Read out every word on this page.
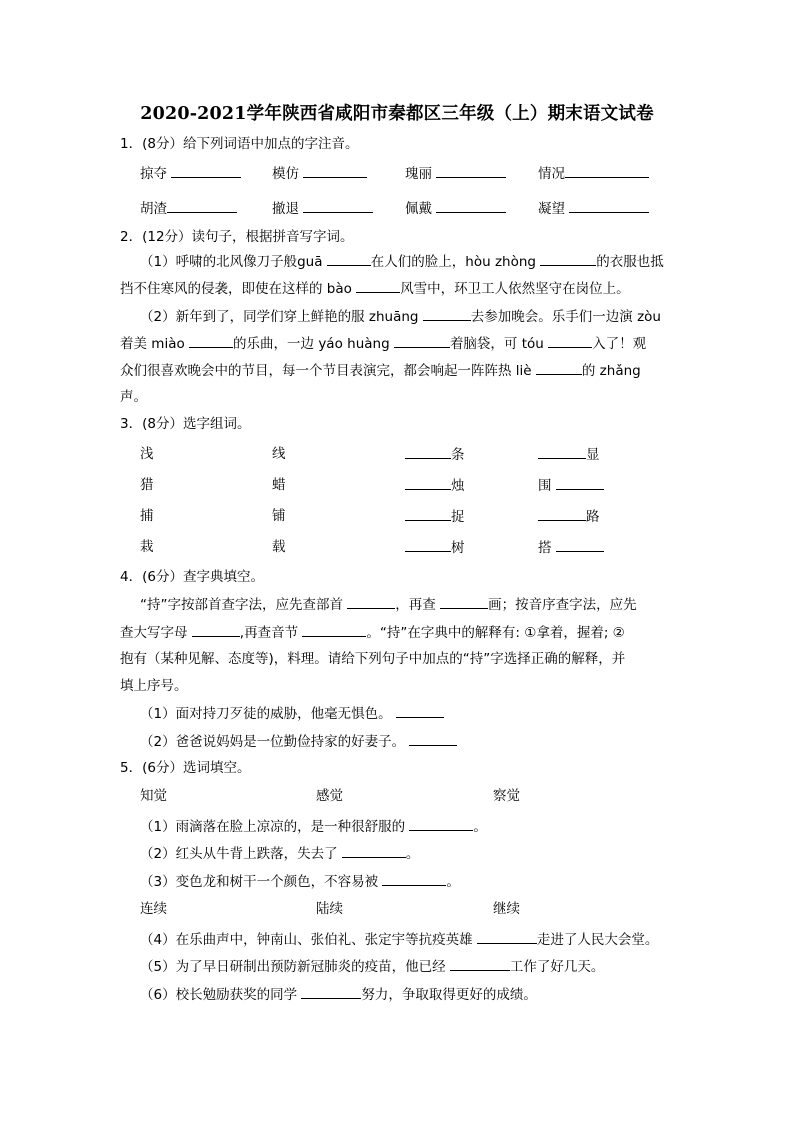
2020-2021学年陕西省咸阳市秦都区三年级（上）期末语文试卷
1．(8分）给下列词语中加点的字注音。
掠夺	模仿	瑰丽	情况
胡渣	撤退	佩戴	凝望
2．(12分）读句子，根据拼音写字词。
（1）呼啸的北风像刀子般guā	在人们的脸上，hòu zhòng	的衣服也抵
挡不住寒风的侵袭，即使在这样的 bào	风雪中，环卫工人依然坚守在岗位上。
（2）新年到了，同学们穿上鲜艳的服 zhuāng	去参加晚会。乐手们一边演 zòu
着美 miào	的乐曲，一边 yáo huàng	着脑袋，可 tóu	入了！观
众们很喜欢晚会中的节目，每一个节目表演完，都会响起一阵阵热 liè	的 zhǎng
声。
3．(8分）选字组词。
浅	线	条	显
猎	蜡	烛	围
捕	铺	捉	路
栽	载	树	搭
4．(6分）查字典填空。
“持”字按部首查字法，应先查部首	，再查	画；按音序查字法，应先
查大写字母	,再查音节	。“持”在字典中的解释有: ①拿着，握着; ②
抱有（某种见解、态度等)，料理。请给下列句子中加点的“持”字选择正确的解释，并
填上序号。
（1）面对持刀歹徒的威胁，他毫无惧色。
（2）爸爸说妈妈是一位勤俭持家的好妻子。
5．(6分）选词填空。
知觉	感觉	察觉
（1）雨滴落在脸上凉凉的，是一种很舒服的	。
（2）红头从牛背上跌落，失去了	。
（3）变色龙和树干一个颜色，不容易被	。
连续	陆续	继续
（4）在乐曲声中，钟南山、张伯礼、张定宇等抗疫英雄	走进了人民大会堂。
（5）为了早日研制出预防新冠肺炎的疫苗，他已经	工作了好几天。
（6）校长勉励获奖的同学	努力，争取取得更好的成绩。
